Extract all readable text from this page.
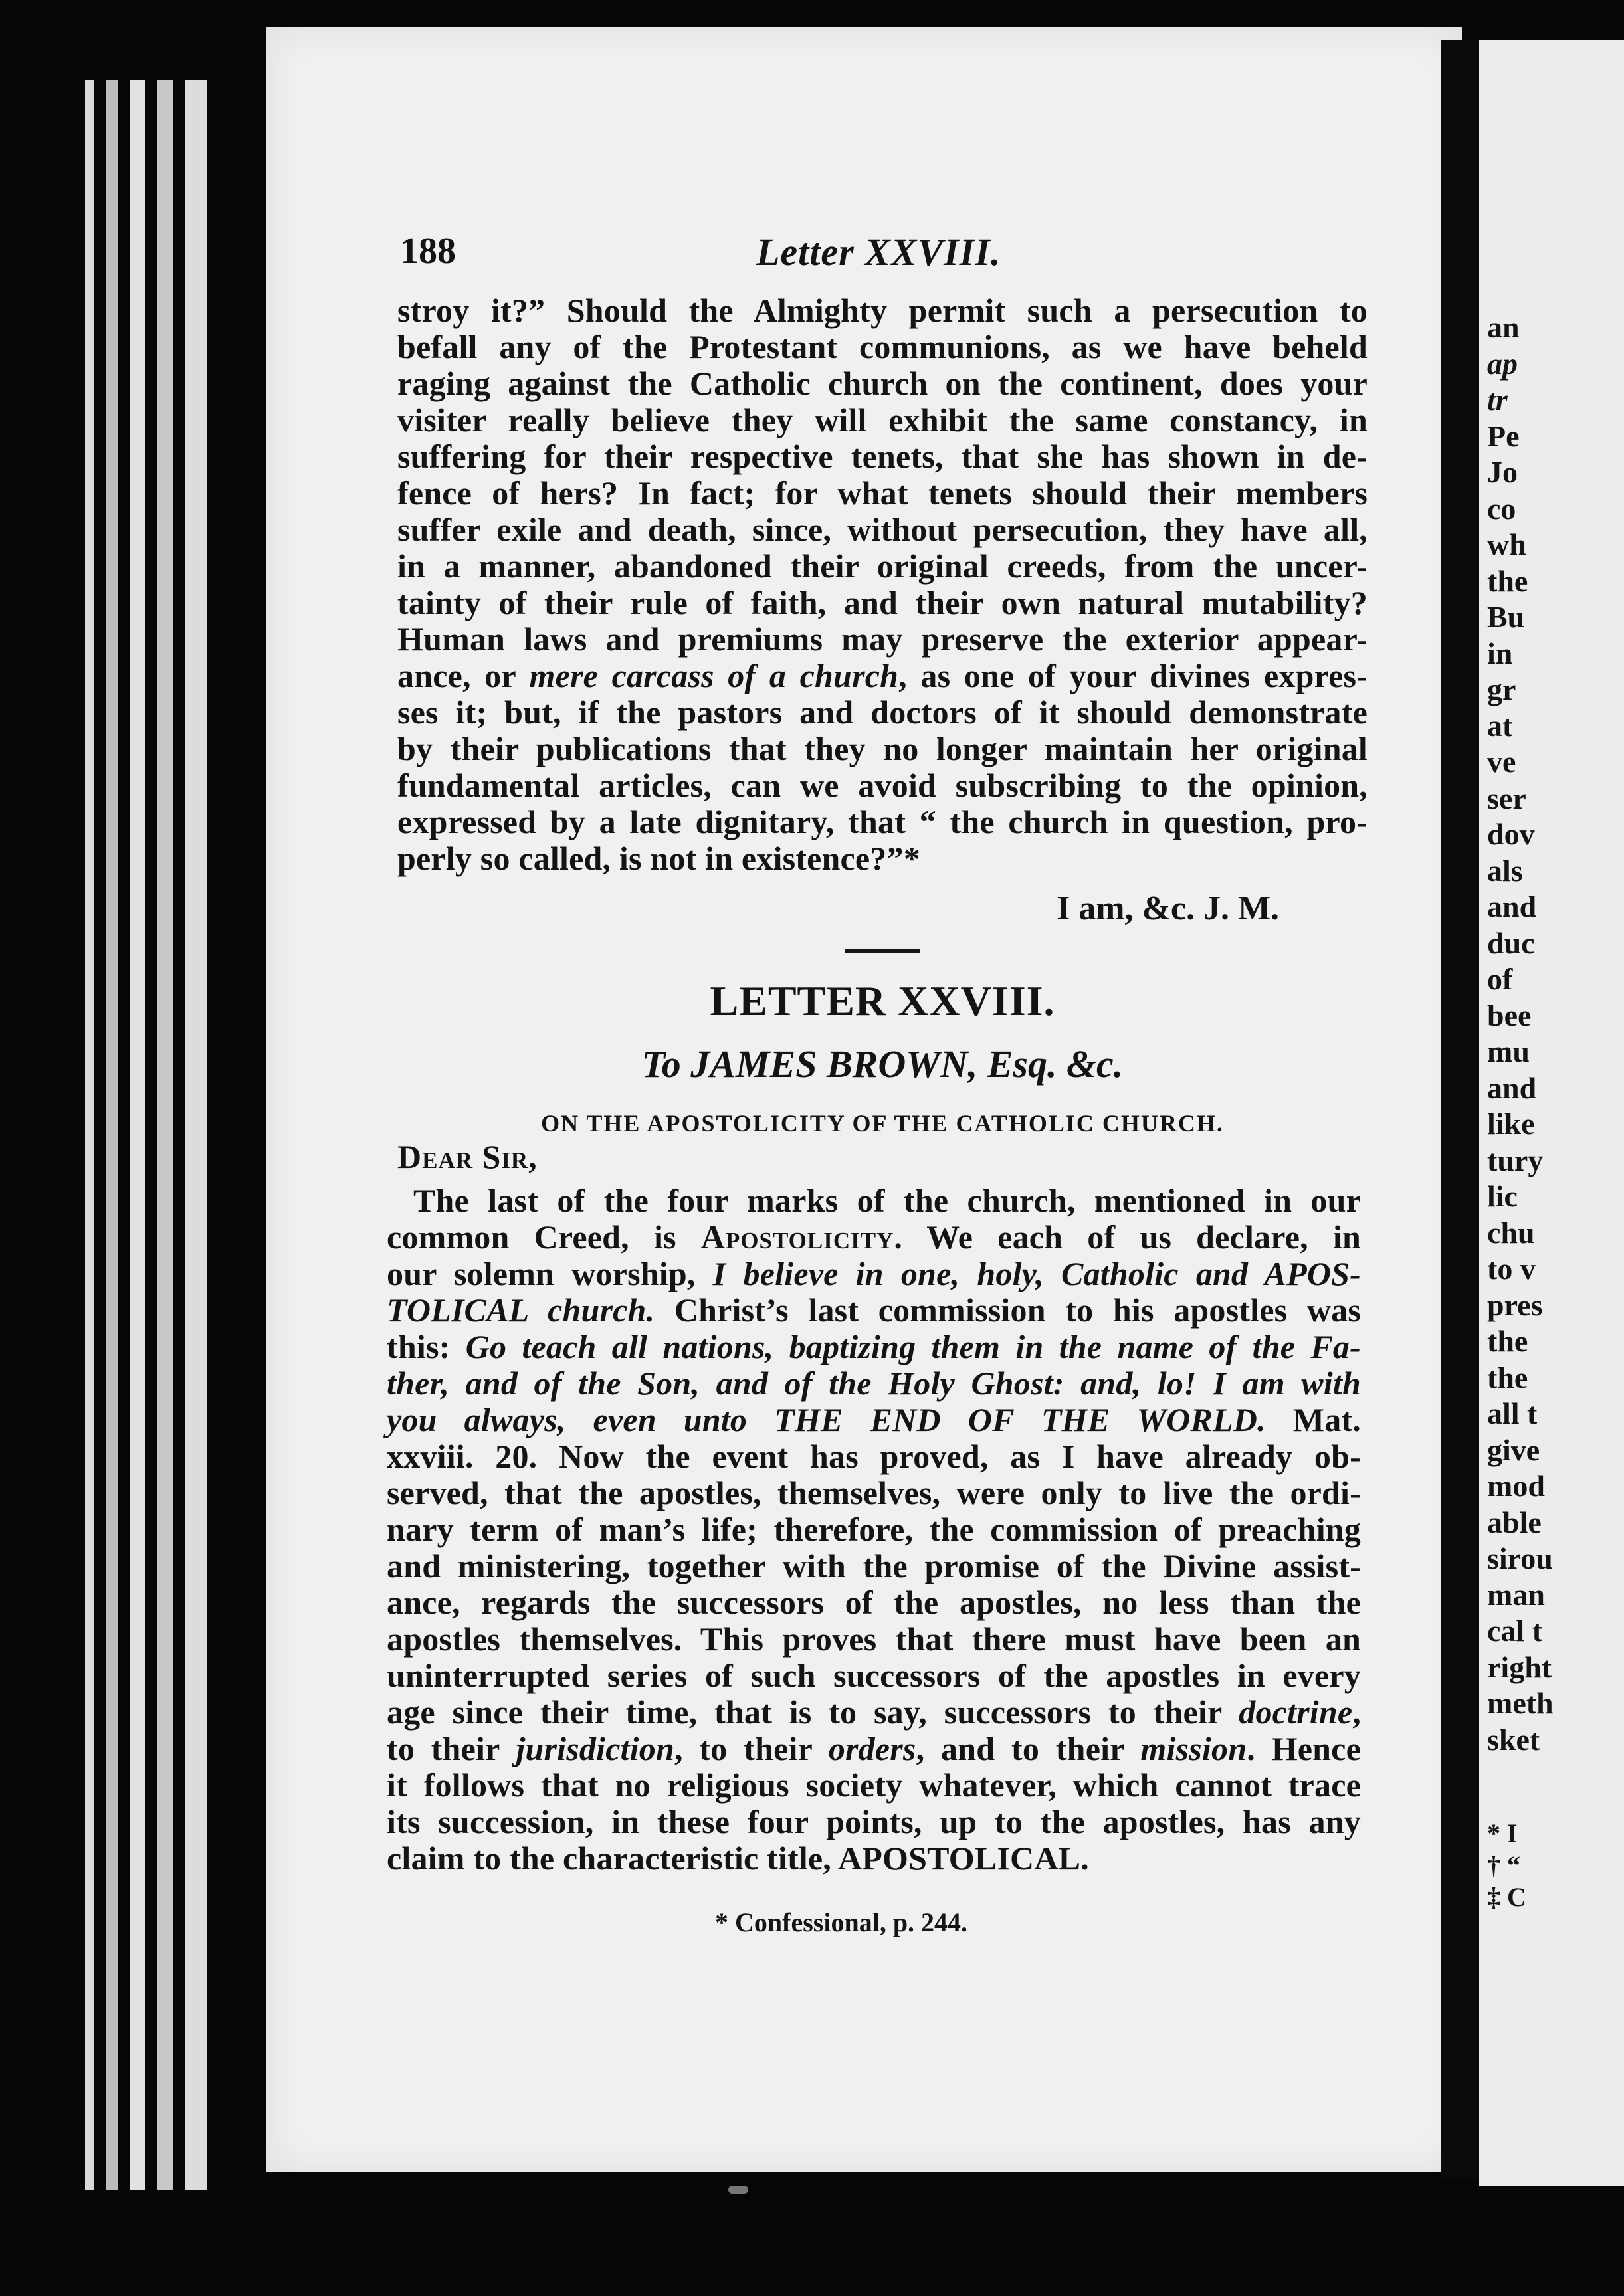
an
ap
tr
Pe
Jo
co
wh
the
Bu
in
gr
at
ve
ser
dov
als
and
duc
of
bee
mu
and
like
tury
lic
chu
to v
pres
the
the
all t
give
mod
able
sirou
man
cal t
right
meth
sket
* I
† “
‡ C
188	Letter XXVIII.
stroy it?” Should the Almighty permit such a persecution to
befall any of the Protestant communions, as we have beheld
raging against the Catholic church on the continent, does your
visiter really believe they will exhibit the same constancy, in
suffering for their respective tenets, that she has shown in de-
fence of hers? In fact; for what tenets should their members
suffer exile and death, since, without persecution, they have all,
in a manner, abandoned their original creeds, from the uncer-
tainty of their rule of faith, and their own natural mutability?
Human laws and premiums may preserve the exterior appear-
ance, or mere carcass of a church, as one of your divines expres-
ses it; but, if the pastors and doctors of it should demonstrate
by their publications that they no longer maintain her original
fundamental articles, can we avoid subscribing to the opinion,
expressed by a late dignitary, that “ the church in question, pro-
perly so called, is not in existence?”*
I am, &c. J. M.
LETTER XXVIII.
To JAMES BROWN, Esq. &c.
ON THE APOSTOLICITY OF THE CATHOLIC CHURCH.
Dear Sir,
The last of the four marks of the church, mentioned in our
common Creed, is Apostolicity. We each of us declare, in
our solemn worship, I believe in one, holy, Catholic and APOS-
TOLICAL church. Christ’s last commission to his apostles was
this: Go teach all nations, baptizing them in the name of the Fa-
ther, and of the Son, and of the Holy Ghost: and, lo! I am with
you always, even unto THE END OF THE WORLD. Mat.
xxviii. 20. Now the event has proved, as I have already ob-
served, that the apostles, themselves, were only to live the ordi-
nary term of man’s life; therefore, the commission of preaching
and ministering, together with the promise of the Divine assist-
ance, regards the successors of the apostles, no less than the
apostles themselves. This proves that there must have been an
uninterrupted series of such successors of the apostles in every
age since their time, that is to say, successors to their doctrine,
to their jurisdiction, to their orders, and to their mission. Hence
it follows that no religious society whatever, which cannot trace
its succession, in these four points, up to the apostles, has any
claim to the characteristic title, APOSTOLICAL.
* Confessional, p. 244.
